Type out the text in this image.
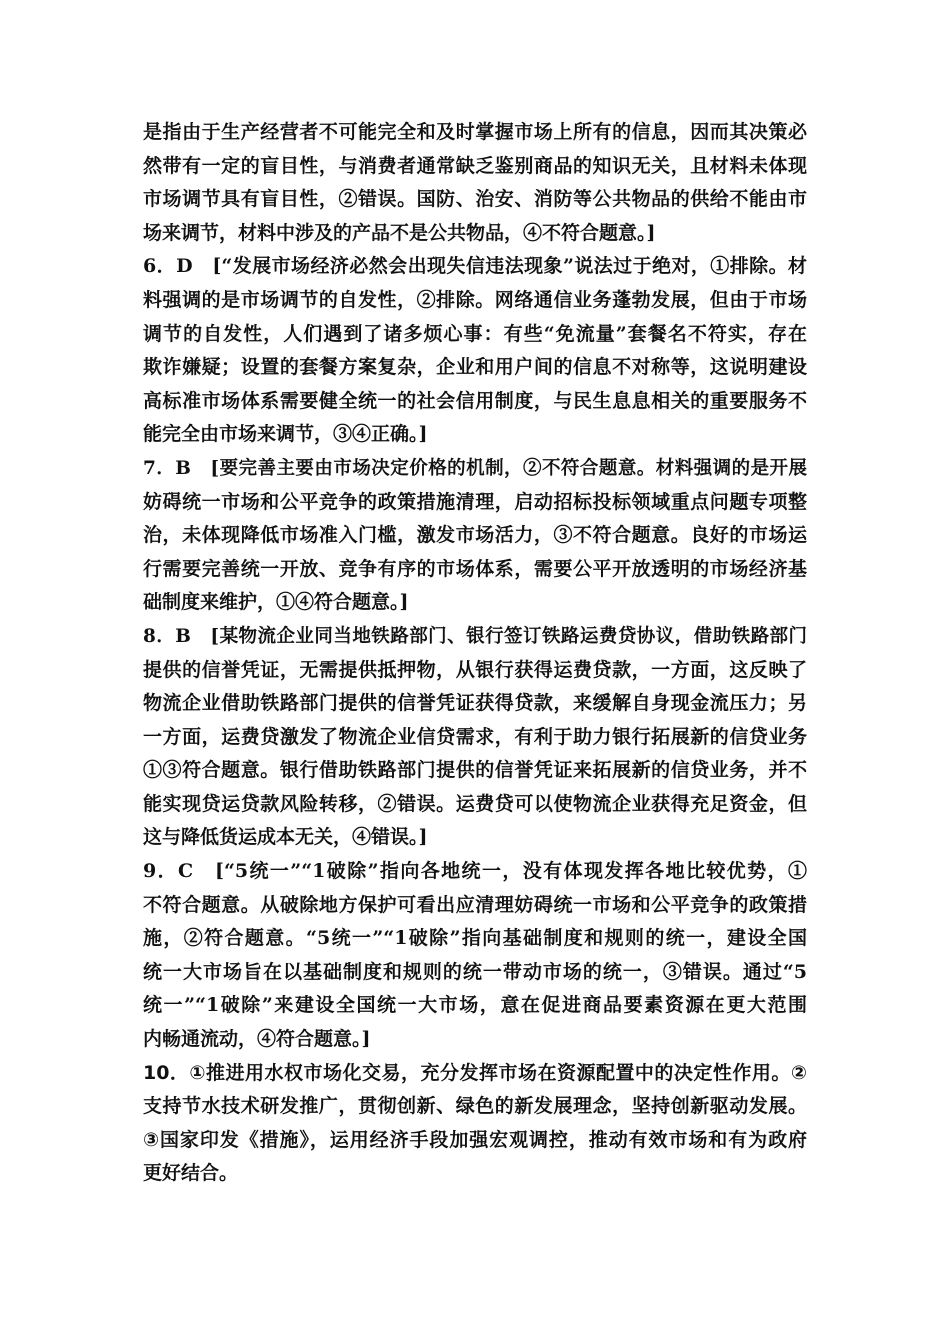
是指由于生产经营者不可能完全和及时掌握市场上所有的信息，因而其决策必
然带有一定的盲目性，与消费者通常缺乏鉴别商品的知识无关，且材料未体现
市场调节具有盲目性，②错误。国防、治安、消防等公共物品的供给不能由市
场来调节，材料中涉及的产品不是公共物品，④不符合题意。]
6．D　[“发展市场经济必然会出现失信违法现象”说法过于绝对，①排除。材
料强调的是市场调节的自发性，②排除。网络通信业务蓬勃发展，但由于市场
调节的自发性，人们遇到了诸多烦心事：有些“免流量”套餐名不符实，存在
欺诈嫌疑；设置的套餐方案复杂，企业和用户间的信息不对称等，这说明建设
高标准市场体系需要健全统一的社会信用制度，与民生息息相关的重要服务不
能完全由市场来调节，③④正确。]
7．B　[要完善主要由市场决定价格的机制，②不符合题意。材料强调的是开展
妨碍统一市场和公平竞争的政策措施清理，启动招标投标领域重点问题专项整
治，未体现降低市场准入门槛，激发市场活力，③不符合题意。良好的市场运
行需要完善统一开放、竞争有序的市场体系，需要公平开放透明的市场经济基
础制度来维护，①④符合题意。]
8．B　[某物流企业同当地铁路部门、银行签订铁路运费贷协议，借助铁路部门
提供的信誉凭证，无需提供抵押物，从银行获得运费贷款，一方面，这反映了
物流企业借助铁路部门提供的信誉凭证获得贷款，来缓解自身现金流压力；另
一方面，运费贷激发了物流企业信贷需求，有利于助力银行拓展新的信贷业务
①③符合题意。银行借助铁路部门提供的信誉凭证来拓展新的信贷业务，并不
能实现贷运贷款风险转移，②错误。运费贷可以使物流企业获得充足资金，但
这与降低货运成本无关，④错误。]
9．C　[“5统一”“1破除”指向各地统一，没有体现发挥各地比较优势，①
不符合题意。从破除地方保护可看出应清理妨碍统一市场和公平竞争的政策措
施，②符合题意。“5统一”“1破除”指向基础制度和规则的统一，建设全国
统一大市场旨在以基础制度和规则的统一带动市场的统一，③错误。通过“5
统一”“1破除”来建设全国统一大市场，意在促进商品要素资源在更大范围
内畅通流动，④符合题意。]
10．①推进用水权市场化交易，充分发挥市场在资源配置中的决定性作用。②
支持节水技术研发推广，贯彻创新、绿色的新发展理念，坚持创新驱动发展。
③国家印发《措施》，运用经济手段加强宏观调控，推动有效市场和有为政府
更好结合。
